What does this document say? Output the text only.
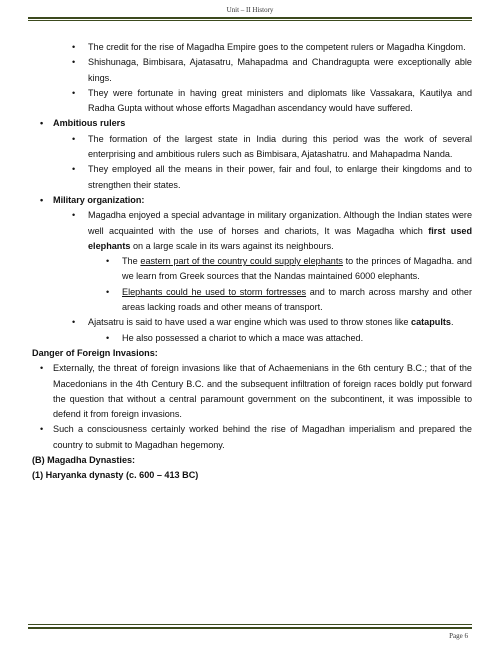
Unit – II History
• The credit for the rise of Magadha Empire goes to the competent rulers or Magadha Kingdom.
• Shishunaga, Bimbisara, Ajatasatru, Mahapadma and Chandragupta were exceptionally able kings.
• They were fortunate in having great ministers and diplomats like Vassakara, Kautilya and Radha Gupta without whose efforts Magadhan ascendancy would have suffered.
• Ambitious rulers
• The formation of the largest state in India during this period was the work of several enterprising and ambitious rulers such as Bimbisara, Ajatashatru. and Mahapadma Nanda.
• They employed all the means in their power, fair and foul, to enlarge their kingdoms and to strengthen their states.
• Military organization:
• Magadha enjoyed a special advantage in military organization. Although the Indian states were well acquainted with the use of horses and chariots, It was Magadha which first used elephants on a large scale in its wars against its neighbours.
• The eastern part of the country could supply elephants to the princes of Magadha. and we learn from Greek sources that the Nandas maintained 6000 elephants.
• Elephants could he used to storm fortresses and to march across marshy and other areas lacking roads and other means of transport.
• Ajatsatru is said to have used a war engine which was used to throw stones like catapults.
• He also possessed a chariot to which a mace was attached.
Danger of Foreign Invasions:
• Externally, the threat of foreign invasions like that of Achaemenians in the 6th century B.C.; that of the Macedonians in the 4th Century B.C. and the subsequent infiltration of foreign races boldly put forward the question that without a central paramount government on the subcontinent, it was impossible to defend it from foreign invasions.
• Such a consciousness certainly worked behind the rise of Magadhan imperialism and prepared the country to submit to Magadhan hegemony.
(B) Magadha Dynasties:
(1) Haryanka dynasty (c. 600 – 413 BC)
Page 6
